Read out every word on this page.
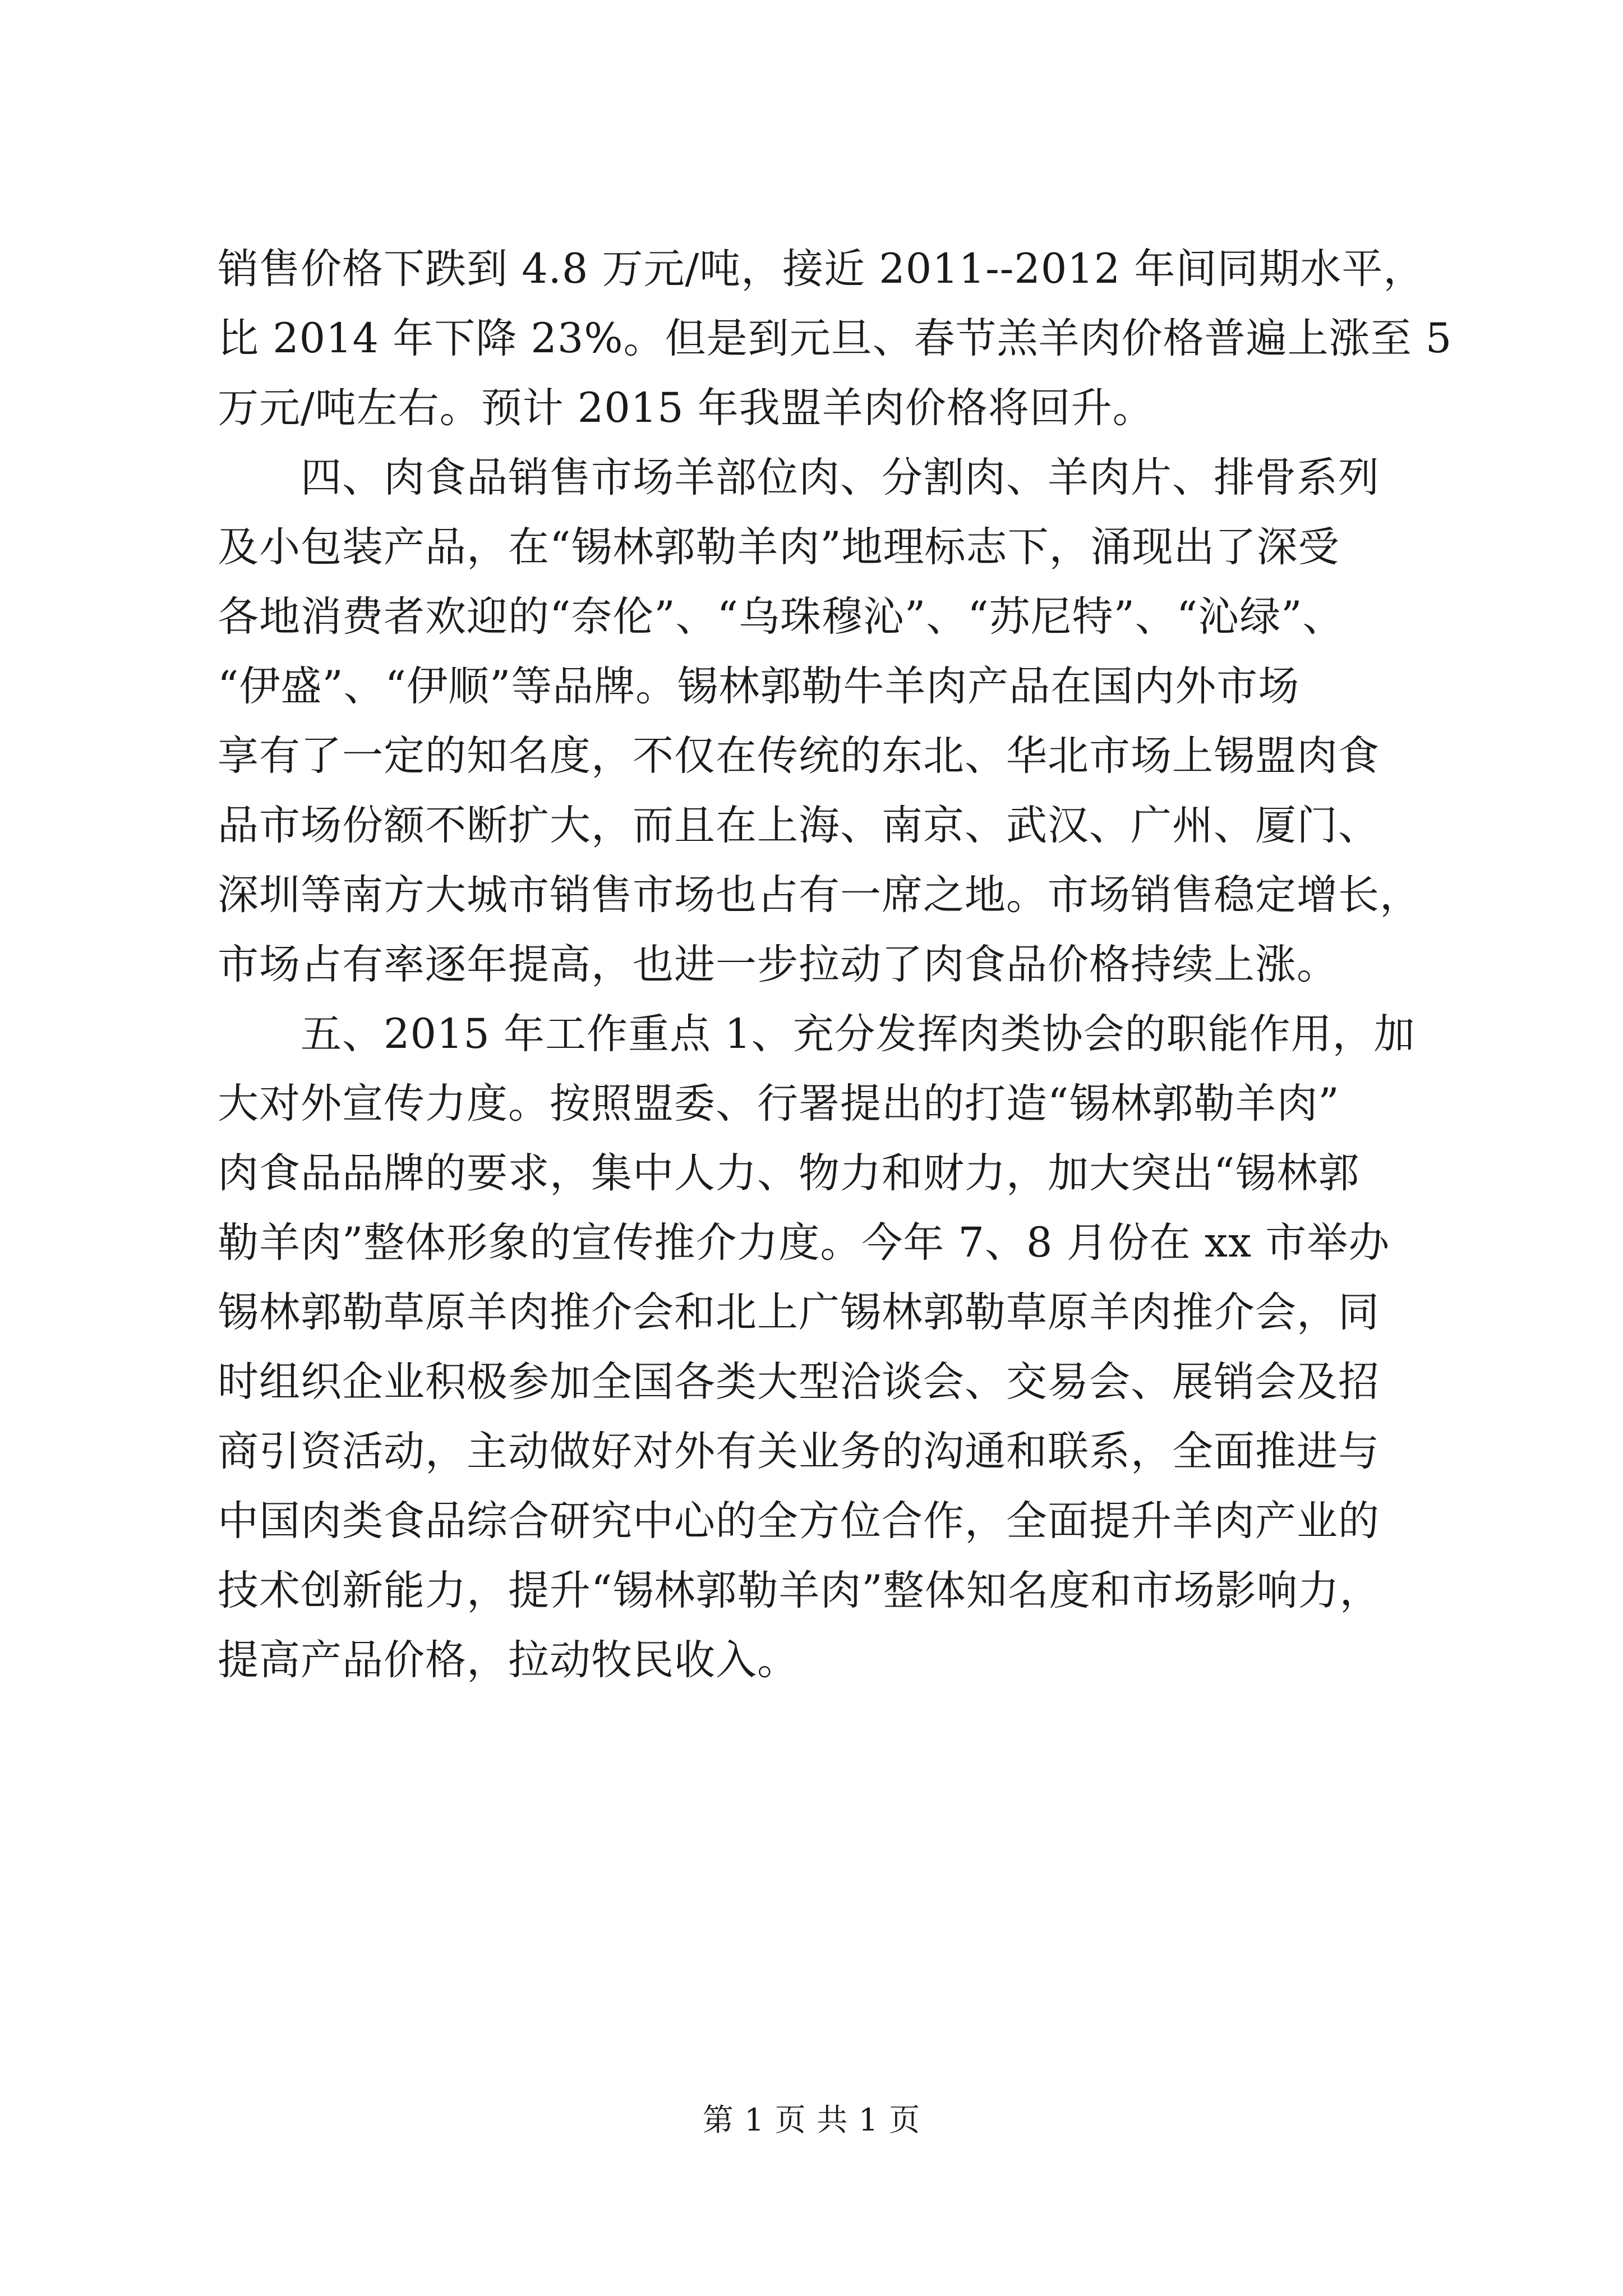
销售价格下跌到 4.8 万元/吨，接近 2011--2012 年间同期水平，
比 2014 年下降 23%。但是到元旦、春节羔羊肉价格普遍上涨至 5
万元/吨左右。预计 2015 年我盟羊肉价格将回升。
　　四、肉食品销售市场羊部位肉、分割肉、羊肉片、排骨系列
及小包装产品，在“锡林郭勒羊肉”地理标志下，涌现出了深受
各地消费者欢迎的“奈伦”、“乌珠穆沁”、“苏尼特”、“沁绿”、
“伊盛”、“伊顺”等品牌。锡林郭勒牛羊肉产品在国内外市场
享有了一定的知名度，不仅在传统的东北、华北市场上锡盟肉食
品市场份额不断扩大，而且在上海、南京、武汉、广州、厦门、
深圳等南方大城市销售市场也占有一席之地。市场销售稳定增长，
市场占有率逐年提高，也进一步拉动了肉食品价格持续上涨。
　　五、2015 年工作重点 1、充分发挥肉类协会的职能作用，加
大对外宣传力度。按照盟委、行署提出的打造“锡林郭勒羊肉”
肉食品品牌的要求，集中人力、物力和财力，加大突出“锡林郭
勒羊肉”整体形象的宣传推介力度。今年 7、8 月份在 xx 市举办
锡林郭勒草原羊肉推介会和北上广锡林郭勒草原羊肉推介会，同
时组织企业积极参加全国各类大型洽谈会、交易会、展销会及招
商引资活动，主动做好对外有关业务的沟通和联系，全面推进与
中国肉类食品综合研究中心的全方位合作，全面提升羊肉产业的
技术创新能力，提升“锡林郭勒羊肉”整体知名度和市场影响力，
提高产品价格，拉动牧民收入。
第 1 页 共 1 页
